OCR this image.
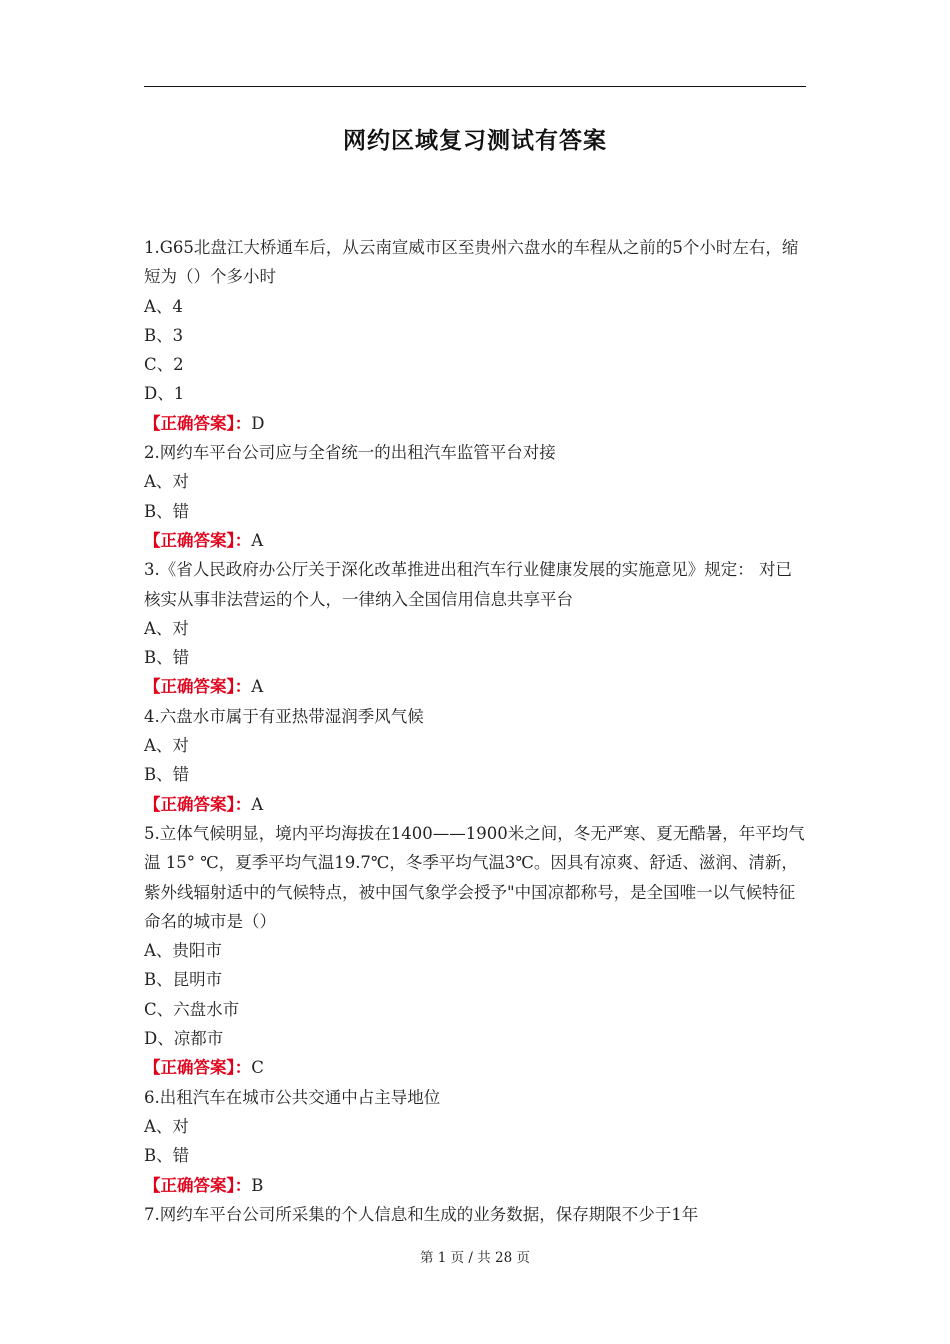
网约区域复习测试有答案
1.G65北盘江大桥通车后，从云南宣威市区至贵州六盘水的车程从之前的5个小时左右，缩短为（）个多小时
A、4
B、3
C、2
D、1
【正确答案】：D
2.网约车平台公司应与全省统一的出租汽车监管平台对接
A、对
B、错
【正确答案】：A
3.《省人民政府办公厅关于深化改革推进出租汽车行业健康发展的实施意见》规定： 对已核实从事非法营运的个人，一律纳入全国信用信息共享平台
A、对
B、错
【正确答案】：A
4.六盘水市属于有亚热带湿润季风气候
A、对
B、错
【正确答案】：A
5.立体气候明显，境内平均海拔在1400——1900米之间，冬无严寒、夏无酷暑，年平均气温 15° ℃，夏季平均气温19.7℃，冬季平均气温3℃。因具有凉爽、舒适、滋润、清新，紫外线辐射适中的气候特点，被中国气象学会授予"中国凉都称号，是全国唯一以气候特征命名的城市是（）
A、贵阳市
B、昆明市
C、六盘水市
D、凉都市
【正确答案】：C
6.出租汽车在城市公共交通中占主导地位
A、对
B、错
【正确答案】：B
7.网约车平台公司所采集的个人信息和生成的业务数据，保存期限不少于1年
第 1 页 / 共 28 页
